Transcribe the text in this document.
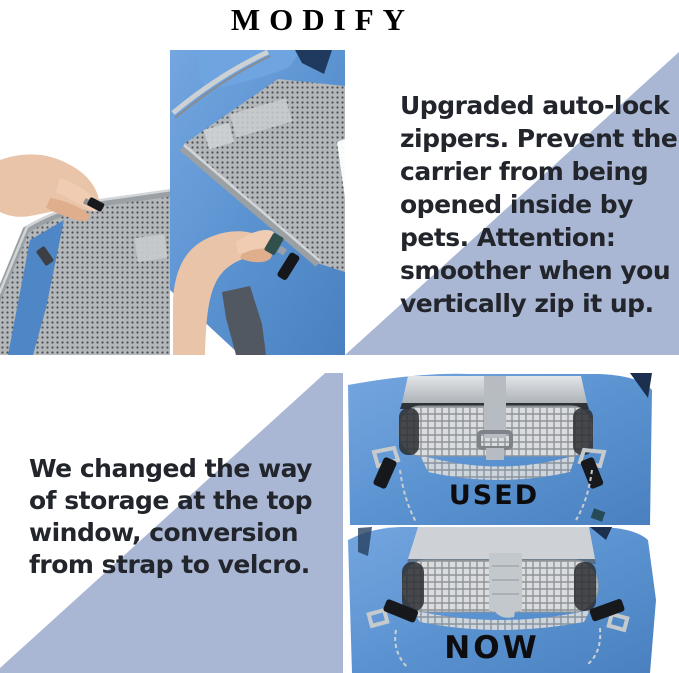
MODIFY
Upgraded auto-lock
zippers. Prevent the
carrier from being
opened inside by
pets. Attention:
smoother when you
vertically zip it up.
We changed the way
of storage at the top
window, conversion
from strap to velcro.
USED
NOW
